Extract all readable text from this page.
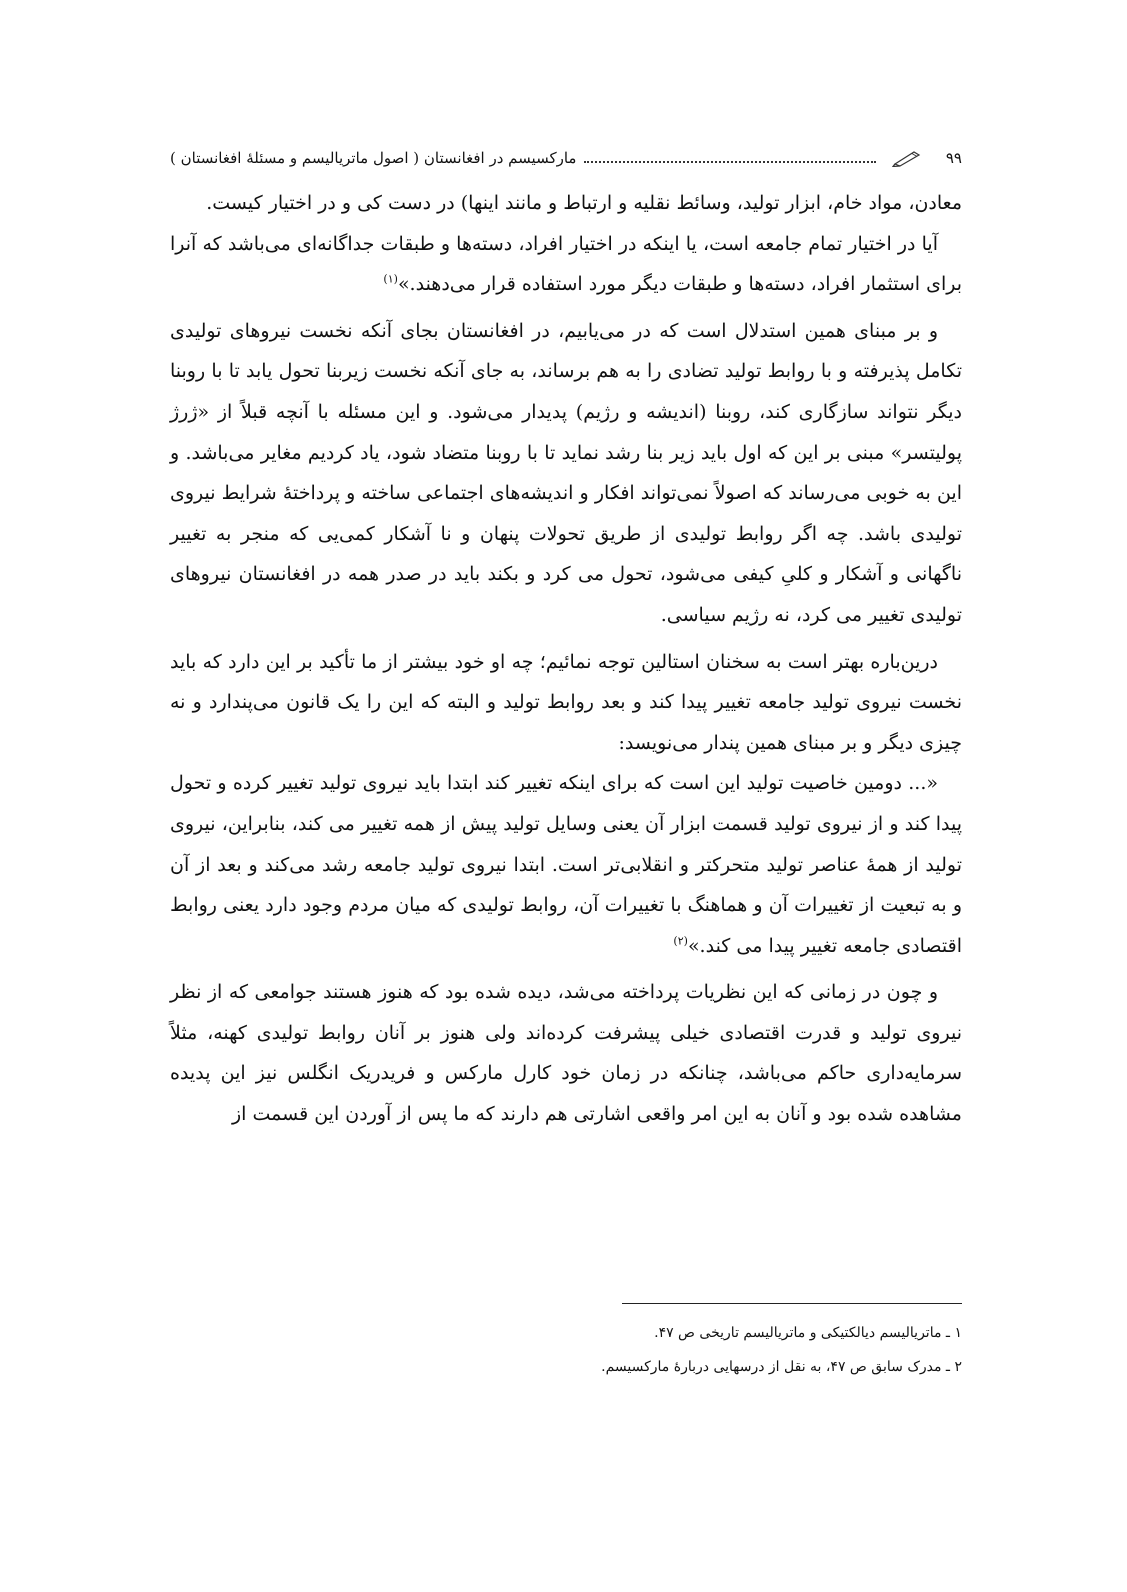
مارکسیسم در افغانستان ( اصول ماتریالیسم و مسئلهٔ افغانستان )	۹۹

معادن، مواد خام، ابزار تولید، وسائط نقلیه و ارتباط و مانند اینها) در دست کی و در اختیار کیست.

آیا در اختیار تمام جامعه است، یا اینکه در اختیار افراد، دسته‌ها و طبقات جداگانه‌ای می‌باشد که آنرا برای استثمار افراد، دسته‌ها و طبقات دیگر مورد استفاده قرار می‌دهند.»$^{(۱)}$

و بر مبنای همین استدلال است که در می‌یابیم، در افغانستان بجای آنکه نخست نیروهای تولیدی تکامل پذیرفته و با روابط تولید تضادی را به هم برساند، به جای آنکه نخست زیربنا تحول یابد تا با روبنا دیگر نتواند سازگاری کند، روبنا (اندیشه و رژیم) پدیدار می‌شود. و این مسئله با آنچه قبلاً از «ژرژ پولیتسر» مبنی بر این که اول باید زیر بنا رشد نماید تا با روبنا متضاد شود، یاد کردیم مغایر می‌باشد. و این به خوبی می‌رساند که اصولاً نمی‌تواند افکار و اندیشه‌های اجتماعی ساخته و پرداختهٔ شرایط نیروی تولیدی باشد. چه اگر روابط تولیدی از طریق تحولات پنهان و نا آشکار کمی‌یی که منجر به تغییر ناگهانی و آشکار و کلیِ کیفی می‌شود، تحول می کرد و بکند باید در صدر همه در افغانستان نیروهای تولیدی تغییر می کرد، نه رژیم سیاسی.

درین‌باره بهتر است به سخنان استالین توجه نمائیم؛ چه او خود بیشتر از ما تأکید بر این دارد که باید نخست نیروی تولید جامعه تغییر پیدا کند و بعد روابط تولید و البته که این را یک قانون می‌پندارد و نه چیزی دیگر و بر مبنای همین پندار می‌نویسد:

«... دومین خاصیت تولید این است که برای اینکه تغییر کند ابتدا باید نیروی تولید تغییر کرده و تحول پیدا کند و از نیروی تولید قسمت ابزار آن یعنی وسایل تولید پیش از همه تغییر می کند، بنابراین، نیروی تولید از همهٔ عناصر تولید متحرکتر و انقلابی‌تر است. ابتدا نیروی تولید جامعه رشد می‌کند و بعد از آن و به تبعیت از تغییرات آن و هماهنگ با تغییرات آن، روابط تولیدی که میان مردم وجود دارد یعنی روابط اقتصادی جامعه تغییر پیدا می کند.»$^{(۲)}$

و چون در زمانی که این نظریات پرداخته می‌شد، دیده شده بود که هنوز هستند جوامعی که از نظر نیروی تولید و قدرت اقتصادی خیلی پیشرفت کرده‌اند ولی هنوز بر آنان روابط تولیدی کهنه، مثلاً سرمایه‌داری حاکم می‌باشد، چنانکه در زمان خود کارل مارکس و فریدریک انگلس نیز این پدیده مشاهده شده بود و آنان به این امر واقعی اشارتی هم دارند که ما پس از آوردن این قسمت از

۱ ـ ماتریالیسم دیالکتیکی و ماتریالیسم تاریخی ص ۴۷.

۲ ـ مدرک سابق ص ۴۷، به نقل از درسهایی دربارهٔ مارکسیسم.
